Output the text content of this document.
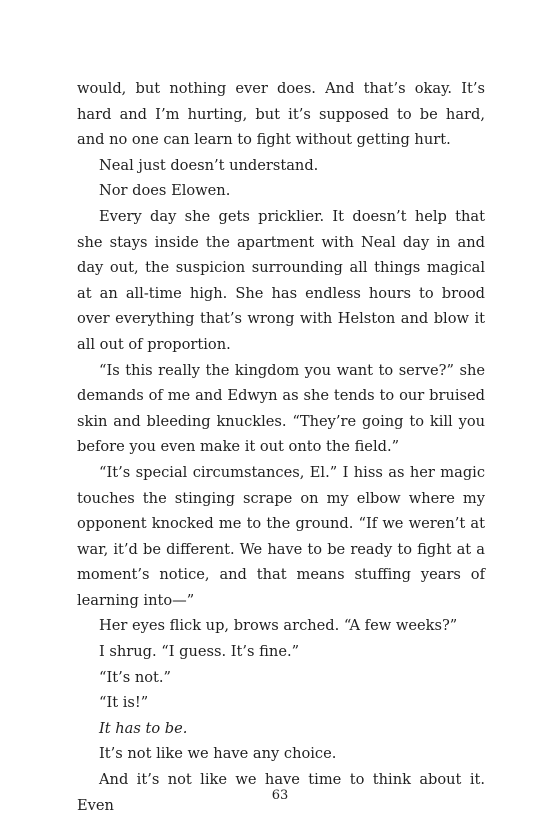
would, but nothing ever does. And that’s okay. It’s hard and I’m hurting, but it’s supposed to be hard, and no one can learn to fight without getting hurt.

Neal just doesn’t understand.

Nor does Elowen.

Every day she gets pricklier. It doesn’t help that she stays inside the apartment with Neal day in and day out, the suspicion surrounding all things magical at an all-time high. She has endless hours to brood over everything that’s wrong with Helston and blow it all out of proportion.

“Is this really the kingdom you want to serve?” she demands of me and Edwyn as she tends to our bruised skin and bleeding knuckles. “They’re going to kill you before you even make it out onto the field.”

“It’s special circumstances, El.” I hiss as her magic touches the stinging scrape on my elbow where my opponent knocked me to the ground. “If we weren’t at war, it’d be different. We have to be ready to fight at a moment’s notice, and that means stuffing years of learning into—”

Her eyes flick up, brows arched. “A few weeks?”

I shrug. “I guess. It’s fine.”

“It’s not.”

“It is!”

It has to be.

It’s not like we have any choice.

And it’s not like we have time to think about it. Even

63
